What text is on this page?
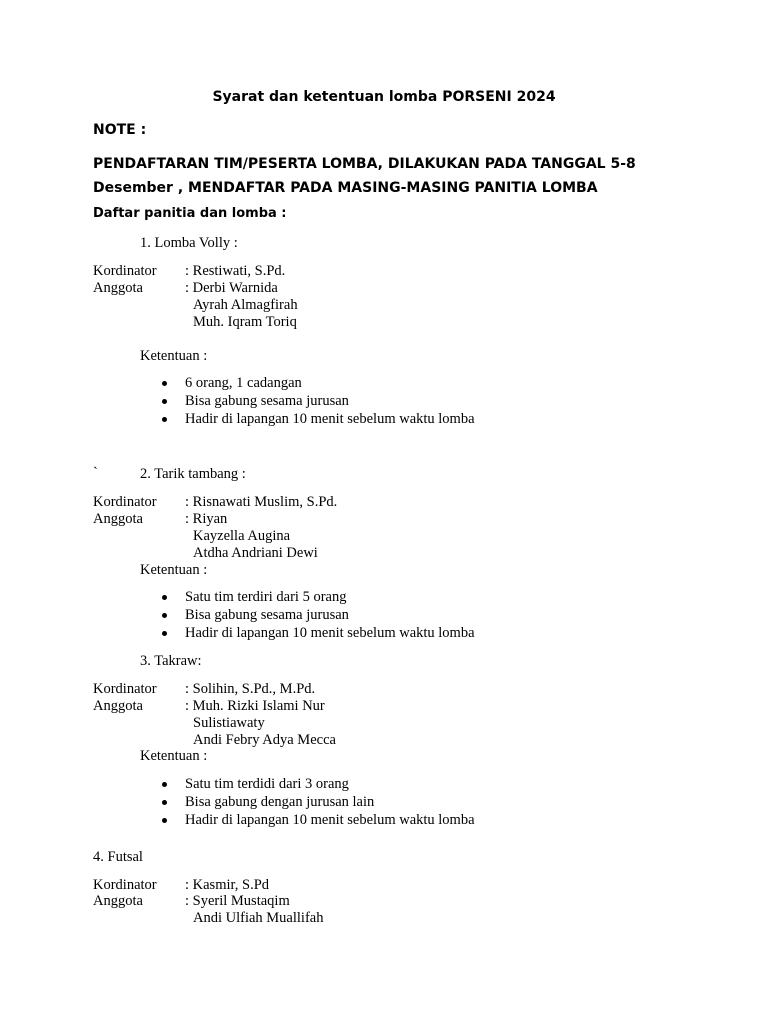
Syarat dan ketentuan lomba PORSENI 2024
NOTE :
PENDAFTARAN TIM/PESERTA LOMBA, DILAKUKAN PADA TANGGAL 5-8
Desember , MENDAFTAR PADA MASING-MASING PANITIA LOMBA
Daftar panitia dan lomba :
1. Lomba Volly :
Kordinator : Restiwati, S.Pd.
Anggota	: Derbi Warnida
Ayrah Almagfirah
Muh. Iqram Toriq
Ketentuan :
6 orang, 1 cadangan
Bisa gabung sesama jurusan
Hadir di lapangan 10 menit sebelum waktu lomba
`	2. Tarik tambang :
Kordinator : Risnawati Muslim, S.Pd.
Anggota	: Riyan
Kayzella Augina
Atdha Andriani Dewi
Ketentuan :
Satu tim terdiri dari 5 orang
Bisa gabung sesama jurusan
Hadir di lapangan 10 menit sebelum waktu lomba
3. Takraw:
Kordinator : Solihin, S.Pd., M.Pd.
Anggota	: Muh. Rizki Islami Nur
Sulistiawaty
Andi Febry Adya Mecca
Ketentuan :
Satu tim terdidi dari 3 orang
Bisa gabung dengan jurusan lain
Hadir di lapangan 10 menit sebelum waktu lomba
4. Futsal
Kordinator : Kasmir, S.Pd
Anggota	: Syeril Mustaqim
Andi Ulfiah Muallifah
